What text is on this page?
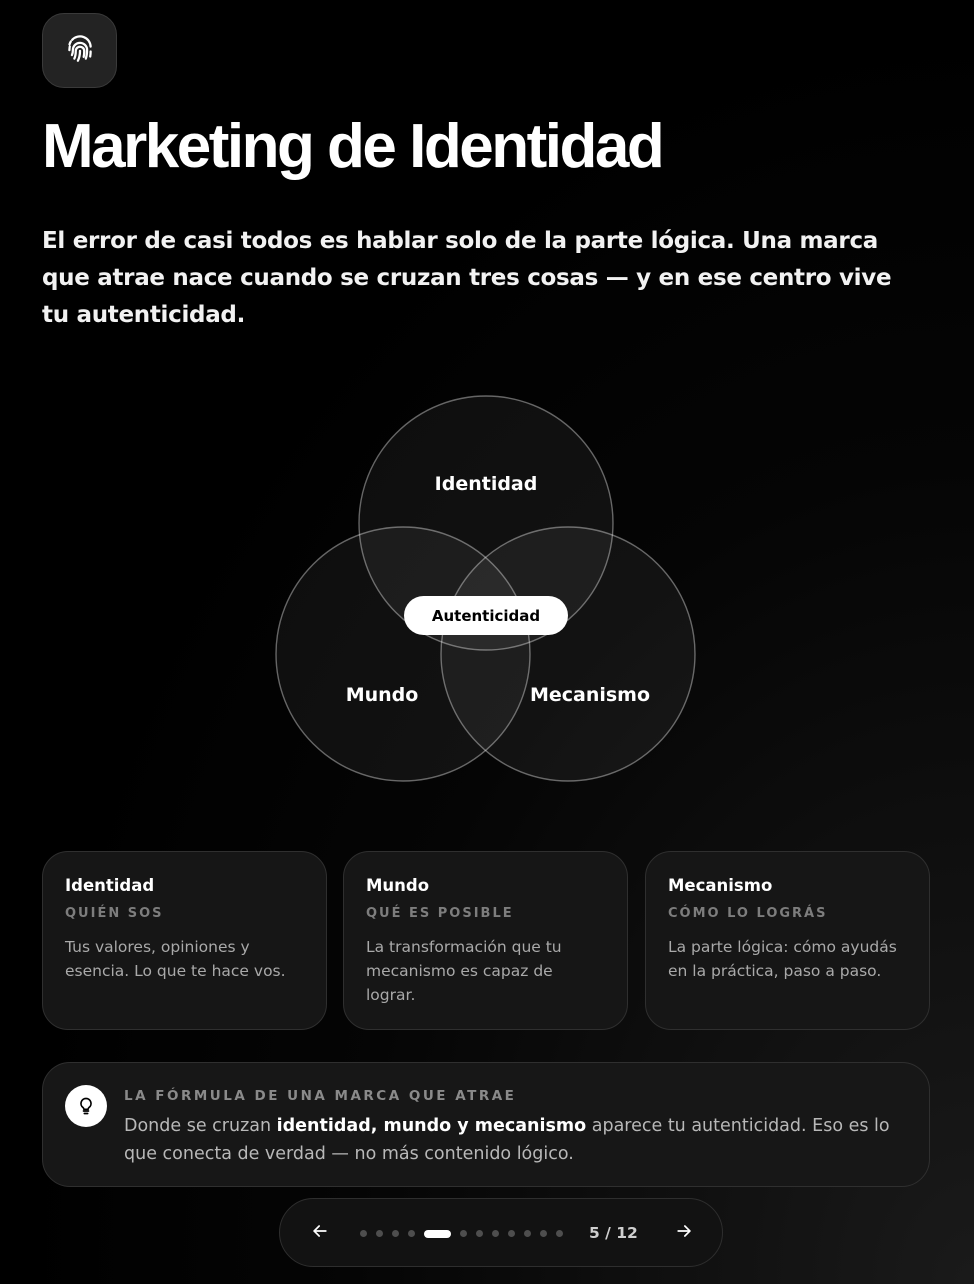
Marketing de Identidad

El error de casi todos es hablar solo de la parte lógica. Una marca que atrae nace cuando se cruzan tres cosas — y en ese centro vive tu autenticidad.

Identidad
Mundo	Mecanismo
Autenticidad
Identidad
QUIÉN SOS
Tus valores, opiniones y esencia. Lo que te hace vos.
Mundo
QUÉ ES POSIBLE
La transformación que tu mecanismo es capaz de lograr.
Mecanismo
CÓMO LO LOGRÁS
La parte lógica: cómo ayudás en la práctica, paso a paso.
LA FÓRMULA DE UNA MARCA QUE ATRAE
Donde se cruzan identidad, mundo y mecanismo aparece tu autenticidad. Eso es lo que conecta de verdad — no más contenido lógico.
5 / 12
